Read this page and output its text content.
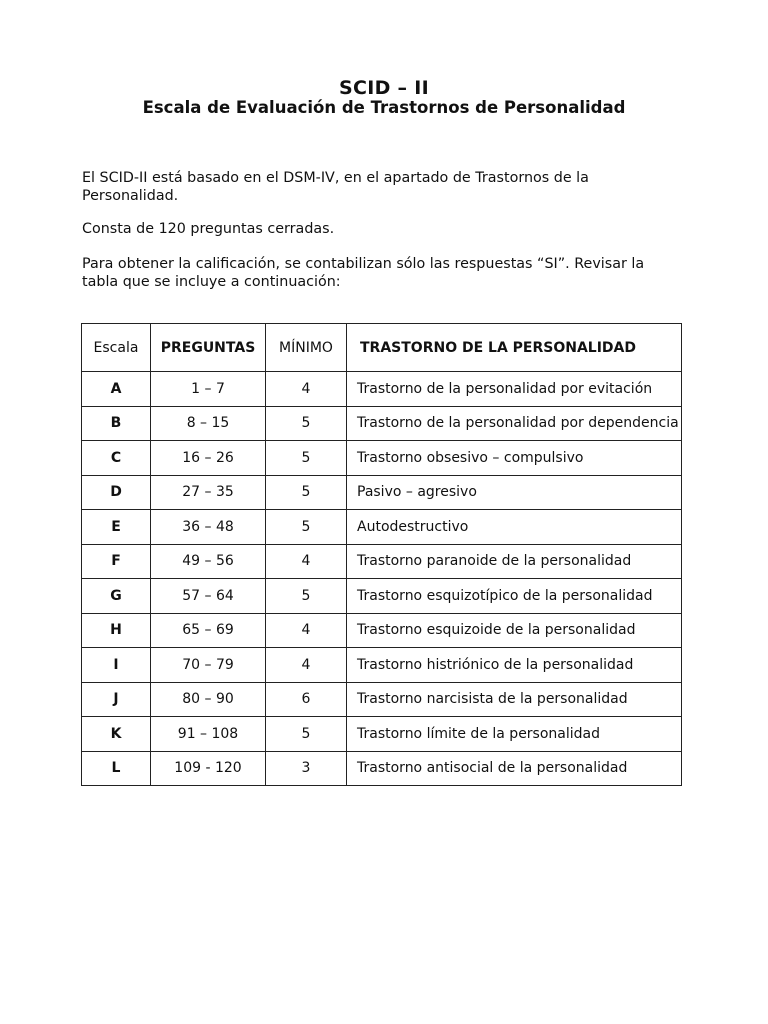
SCID – II
Escala de Evaluación de Trastornos de Personalidad

El SCID-II está basado en el DSM-IV, en el apartado de Trastornos de la Personalidad.

Consta de 120 preguntas cerradas.

Para obtener la calificación, se contabilizan sólo las respuestas “SI”. Revisar la tabla que se incluye a continuación:

Escala	PREGUNTAS	MÍNIMO	TRASTORNO DE LA PERSONALIDAD
A	1 – 7	4	Trastorno de la personalidad por evitación
B	8 – 15	5	Trastorno de la personalidad por dependencia
C	16 – 26	5	Trastorno obsesivo – compulsivo
D	27 – 35	5	Pasivo – agresivo
E	36 – 48	5	Autodestructivo
F	49 – 56	4	Trastorno paranoide de la personalidad
G	57 – 64	5	Trastorno esquizotípico de la personalidad
H	65 – 69	4	Trastorno esquizoide de la personalidad
I	70 – 79	4	Trastorno histriónico de la personalidad
J	80 – 90	6	Trastorno narcisista de la personalidad
K	91 – 108	5	Trastorno límite de la personalidad
L	109 - 120	3	Trastorno antisocial de la personalidad
